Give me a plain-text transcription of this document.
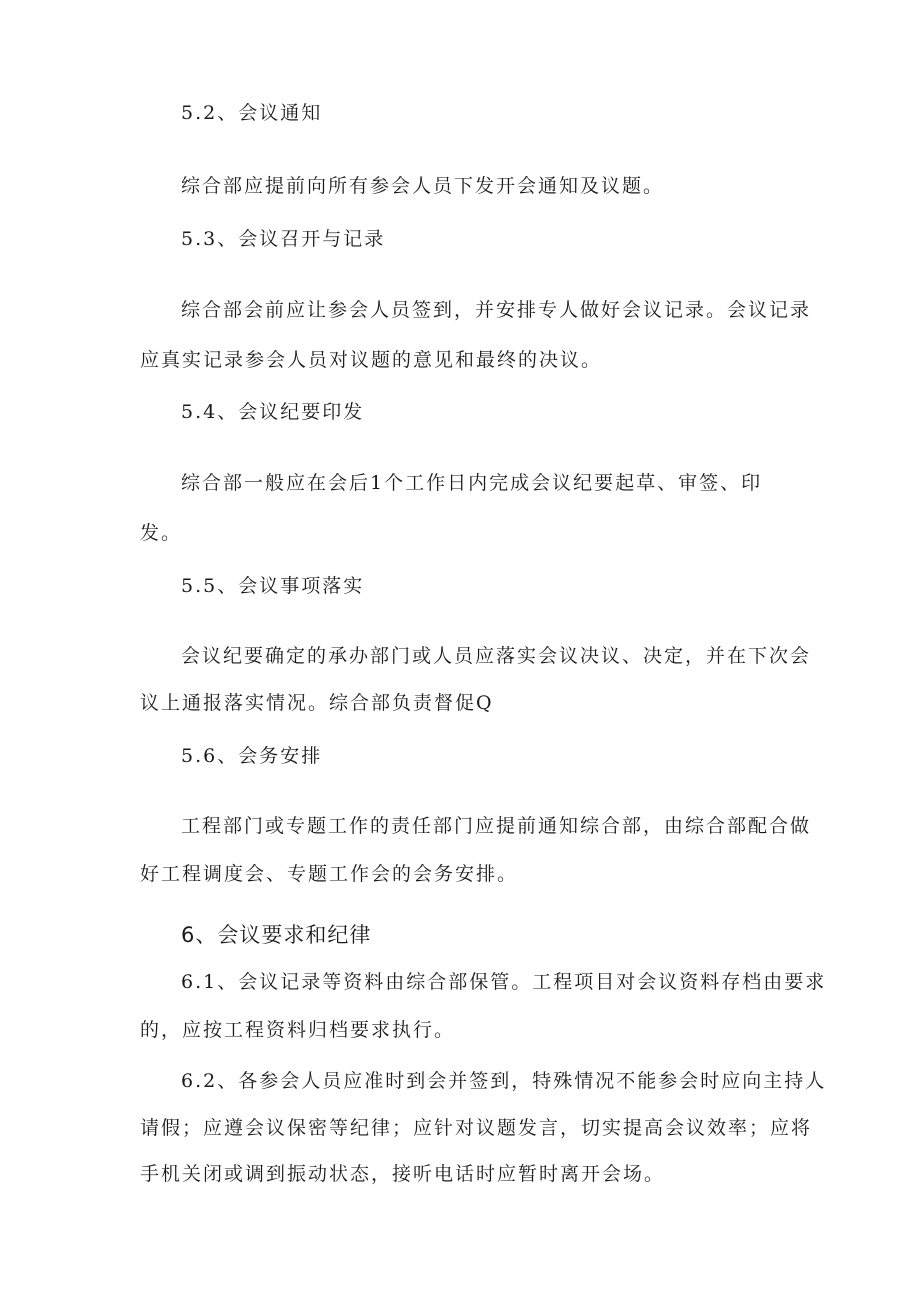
5.2、会议通知
综合部应提前向所有参会人员下发开会通知及议题。
5.3、会议召开与记录
综合部会前应让参会人员签到，并安排专人做好会议记录。会议记录
应真实记录参会人员对议题的意见和最终的决议。
5.4、会议纪要印发
综合部一般应在会后1个工作日内完成会议纪要起草、审签、印
发。
5.5、会议事项落实
会议纪要确定的承办部门或人员应落实会议决议、决定，并在下次会
议上通报落实情况。综合部负责督促Q
5.6、会务安排
工程部门或专题工作的责任部门应提前通知综合部，由综合部配合做
好工程调度会、专题工作会的会务安排。
6、会议要求和纪律
6.1、会议记录等资料由综合部保管。工程项目对会议资料存档由要求
的，应按工程资料归档要求执行。
6.2、各参会人员应准时到会并签到，特殊情况不能参会时应向主持人
请假；应遵会议保密等纪律；应针对议题发言，切实提高会议效率；应将
手机关闭或调到振动状态，接听电话时应暂时离开会场。
